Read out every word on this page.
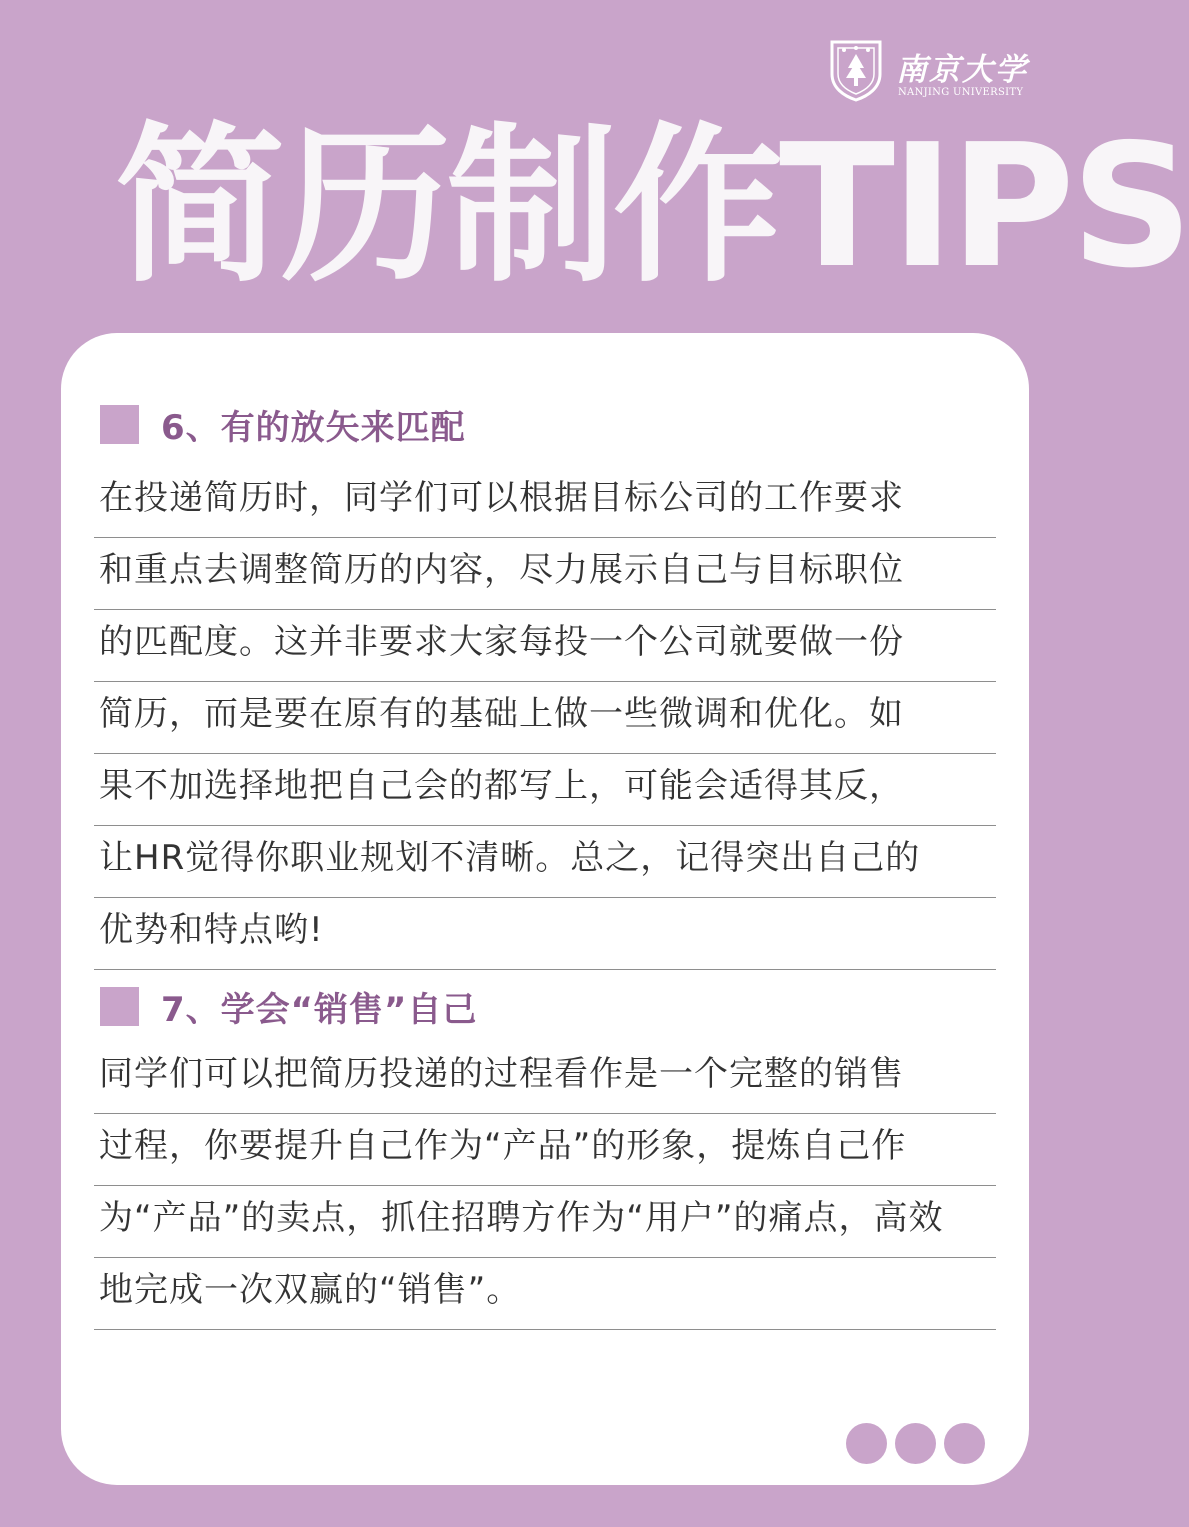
南京大学
NANJING UNIVERSITY
简历制作TIPS
6、有的放矢来匹配
在投递简历时，同学们可以根据目标公司的工作要求
和重点去调整简历的内容，尽力展示自己与目标职位
的匹配度。这并非要求大家每投一个公司就要做一份
简历，而是要在原有的基础上做一些微调和优化。如
果不加选择地把自己会的都写上，可能会适得其反，
让HR觉得你职业规划不清晰。总之，记得突出自己的
优势和特点哟!
7、学会“销售”自己
同学们可以把简历投递的过程看作是一个完整的销售
过程，你要提升自己作为“产品”的形象，提炼自己作
为“产品”的卖点，抓住招聘方作为“用户”的痛点，高效
地完成一次双赢的“销售”。
